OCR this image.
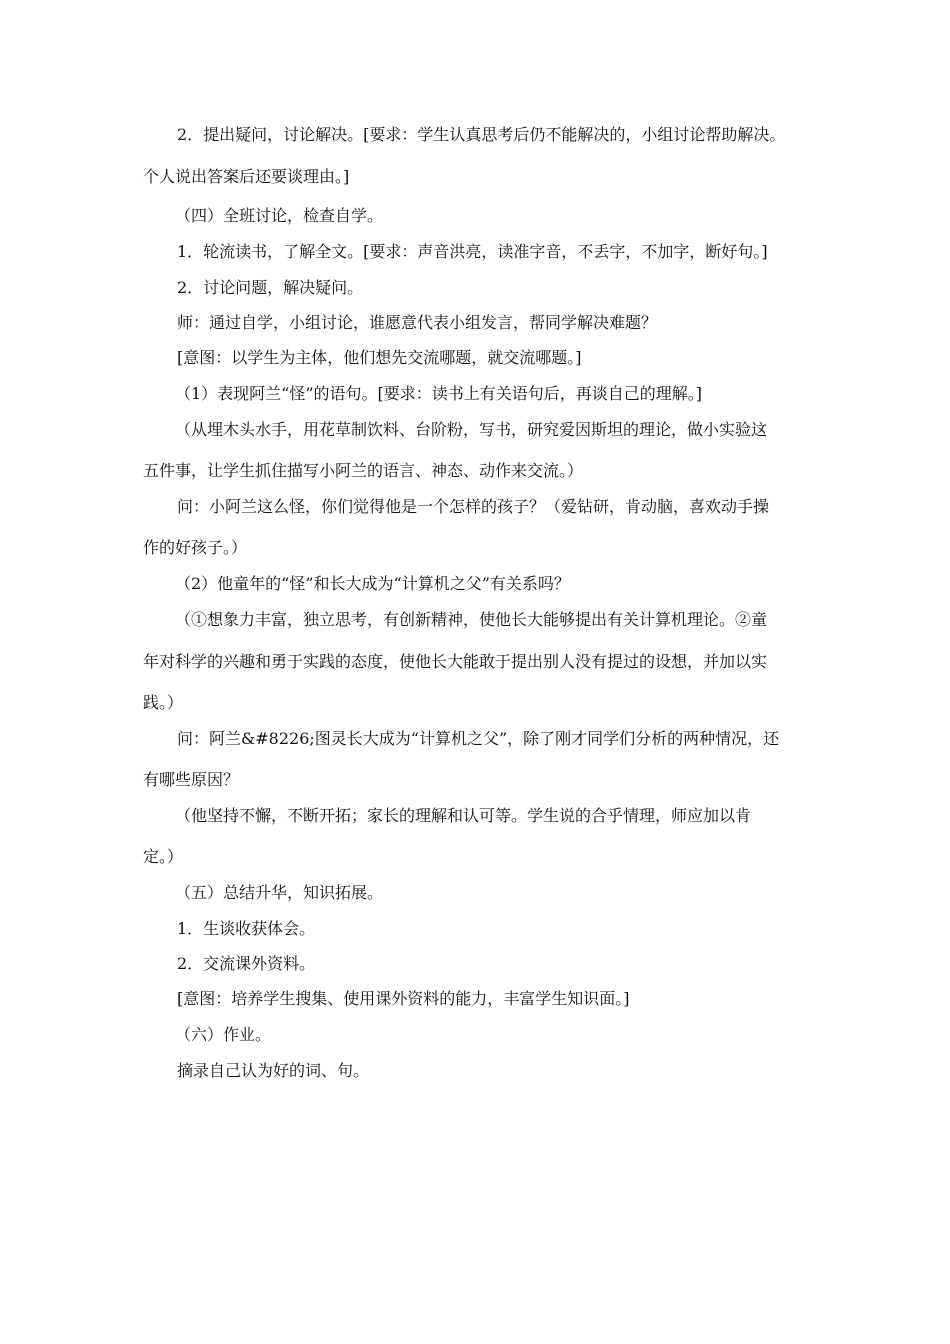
2．提出疑问，讨论解决。[要求：学生认真思考后仍不能解决的，小组讨论帮助解决。
个人说出答案后还要谈理由。]
（四）全班讨论，检查自学。
1．轮流读书，了解全文。[要求：声音洪亮，读准字音，不丢字，不加字，断好句。]
2．讨论问题，解决疑问。
师：通过自学，小组讨论，谁愿意代表小组发言，帮同学解决难题？
[意图：以学生为主体，他们想先交流哪题，就交流哪题。]
（1）表现阿兰“怪”的语句。[要求：读书上有关语句后，再谈自己的理解。]
（从埋木头水手，用花草制饮料、台阶粉，写书，研究爱因斯坦的理论，做小实验这
五件事，让学生抓住描写小阿兰的语言、神态、动作来交流。）
问：小阿兰这么怪，你们觉得他是一个怎样的孩子？（爱钻研，肯动脑，喜欢动手操
作的好孩子。）
（2）他童年的“怪”和长大成为“计算机之父”有关系吗？
（①想象力丰富，独立思考，有创新精神，使他长大能够提出有关计算机理论。②童
年对科学的兴趣和勇于实践的态度，使他长大能敢于提出别人没有提过的设想，并加以实
践。）
问：阿兰&#8226;图灵长大成为“计算机之父”，除了刚才同学们分析的两种情况，还
有哪些原因？
（他坚持不懈，不断开拓；家长的理解和认可等。学生说的合乎情理，师应加以肯
定。）
（五）总结升华，知识拓展。
1．生谈收获体会。
2．交流课外资料。
[意图：培养学生搜集、使用课外资料的能力，丰富学生知识面。]
（六）作业。
摘录自己认为好的词、句。
